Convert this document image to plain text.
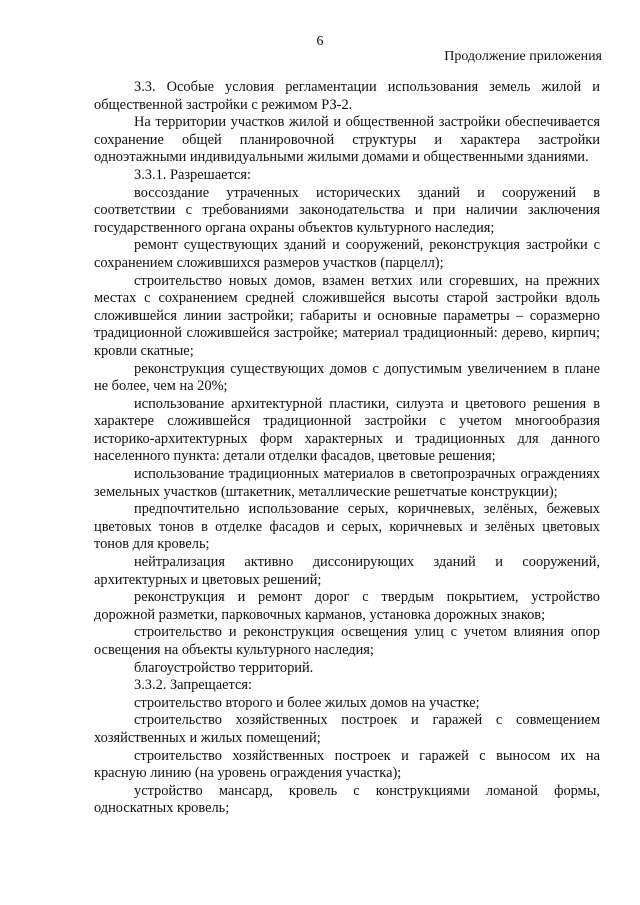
6
Продолжение приложения

3.3. Особые условия регламентации использования земель жилой и общественной застройки с режимом РЗ-2.

На территории участков жилой и общественной застройки обеспечивается сохранение общей планировочной структуры и характера застройки одноэтажными индивидуальными жилыми домами и общественными зданиями.

3.3.1. Разрешается:

воссоздание утраченных исторических зданий и сооружений в соответствии с требованиями законодательства и при наличии заключения государственного органа охраны объектов культурного наследия;

ремонт существующих зданий и сооружений, реконструкция застройки с сохранением сложившихся размеров участков (парцелл);

строительство новых домов, взамен ветхих или сгоревших, на прежних местах с сохранением средней сложившейся высоты старой застройки вдоль сложившейся линии застройки; габариты и основные параметры – соразмерно традиционной сложившейся застройке; материал традиционный: дерево, кирпич; кровли скатные;

реконструкция существующих домов с допустимым увеличением в плане не более, чем на 20%;

использование архитектурной пластики, силуэта и цветового решения в характере сложившейся традиционной застройки с учетом многообразия историко-архитектурных форм характерных и традиционных для данного населенного пункта: детали отделки фасадов, цветовые решения;

использование традиционных материалов в светопрозрачных ограждениях земельных участков (штакетник, металлические решетчатые конструкции);

предпочтительно использование серых, коричневых, зелёных, бежевых цветовых тонов в отделке фасадов и серых, коричневых и зелёных цветовых тонов для кровель;

нейтрализация активно диссонирующих зданий и сооружений, архитектурных и цветовых решений;

реконструкция и ремонт дорог с твердым покрытием, устройство дорожной разметки, парковочных карманов, установка дорожных знаков;

строительство и реконструкция освещения улиц с учетом влияния опор освещения на объекты культурного наследия;

благоустройство территорий.

3.3.2. Запрещается:

строительство второго и более жилых домов на участке;

строительство хозяйственных построек и гаражей с совмещением хозяйственных и жилых помещений;

строительство хозяйственных построек и гаражей с выносом их на красную линию (на уровень ограждения участка);

устройство мансард, кровель с конструкциями ломаной формы, односкатных кровель;
